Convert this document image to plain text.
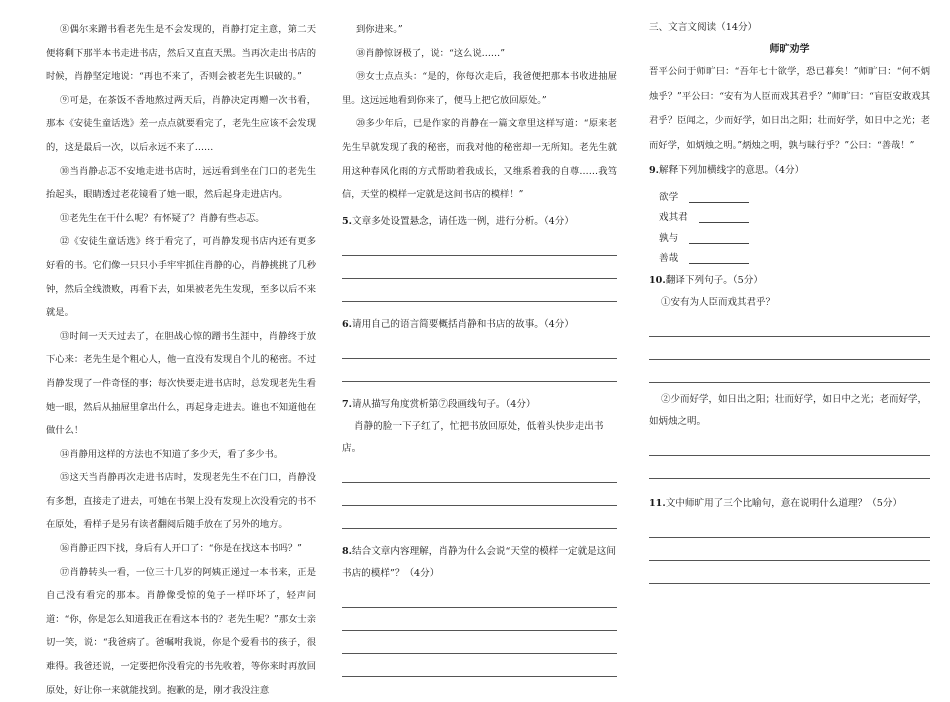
⑧偶尔来蹭书看老先生是不会发现的，肖静打定主意，第二天便将剩下那半本书走进书店，然后又直直天黑。当再次走出书店的时候，肖静坚定地说：“再也不来了，否则会被老先生识破的。”

⑨可是，在茶饭不香地熬过两天后，肖静决定再赠一次书看，那本《安徒生童话选》差一点点就要看完了，老先生应该不会发现的，这是最后一次，以后永远不来了……

⑩当肖静忐忑不安地走进书店时，远远看到坐在门口的老先生抬起头，眼睛透过老花镜看了她一眼，然后起身走进店内。

⑪老先生在干什么呢？有怀疑了？肖静有些忐忑。

⑫《安徒生童话选》终于看完了，可肖静发现书店内还有更多好看的书。它们像一只只小手牢牢抓住肖静的心，肖静挑挑了几秒钟，然后全线溃败，再看下去，如果被老先生发现，至多以后不来就是。

⑬时间一天天过去了，在胆战心惊的蹭书生涯中，肖静终于放下心来：老先生是个粗心人，他一直没有发现自个儿的秘密。不过肖静发现了一件奇怪的事；每次快要走进书店时，总发现老先生看她一眼，然后从抽屉里拿出什么，再起身走进去。谁也不知道他在做什么！

⑭肖静用这样的方法也不知道了多少天，看了多少书。

⑮这天当肖静再次走进书店时，发现老先生不在门口，肖静没有多想，直接走了进去，可她在书架上没有发现上次没看完的书不在原处，看样子是另有读者翻阅后随手放在了另外的地方。

⑯肖静正四下找，身后有人开口了：“你是在找这本书吗？”

⑰肖静转头一看，一位三十几岁的阿姨正递过一本书来，正是自己没有看完的那本。肖静像受惊的兔子一样吓坏了，轻声问道：“你，你是怎么知道我正在看这本书的？老先生呢？”那女士亲切一笑，说：“我爸病了。爸嘱咐我说，你是个爱看书的孩子，很难得。我爸还说，一定要把你没看完的书先收着，等你来时再放回原处，好让你一来就能找到。抱歉的是，刚才我没注意

到你进来。”

⑱肖静惊讶极了，说：“这么说……”

⑲女士点点头：“是的，你每次走后，我爸便把那本书收进抽屉里。这远远地看到你来了，便马上把它放回原处。”

⑳多少年后，已是作家的肖静在一篇文章里这样写道：“原来老先生早就发现了我的秘密，而我对他的秘密却一无所知。老先生就用这种春风化雨的方式帮助着我成长，又维系着我的自尊……我笃信，天堂的模样一定就是这间书店的模样！”

5.文章多处设置悬念，请任选一例，进行分析。（4分）

6.请用自己的语言简要概括肖静和书店的故事。（4分）

7.请从描写角度赏析第⑦段画线句子。（4分）

肖静的脸一下子红了，忙把书放回原处，低着头快步走出书店。

8.结合文章内容理解，肖静为什么会说“天堂的模样一定就是这间书店的模样”？（4分）

三、文言文阅读（14分）

师旷劝学

晋平公问于师旷曰：“吾年七十欲学，恐已暮矣！”师旷曰：“何不炳烛乎？”平公曰：“安有为人臣而戏其君乎？”师旷曰：“盲臣安敢戏其君乎？臣闻之，少而好学，如日出之阳；壮而好学，如日中之光；老而好学，如炳烛之明。”炳烛之明，孰与昧行乎？”公曰：“善哉！”

9.解释下列加横线字的意思。（4分）

欲学
戏其君
孰与
善哉

10.翻译下列句子。（5分）

①安有为人臣而戏其君乎？

②少而好学，如日出之阳；壮而好学，如日中之光；老而好学，如炳烛之明。

11.文中师旷用了三个比喻句，意在说明什么道理？（5分）
